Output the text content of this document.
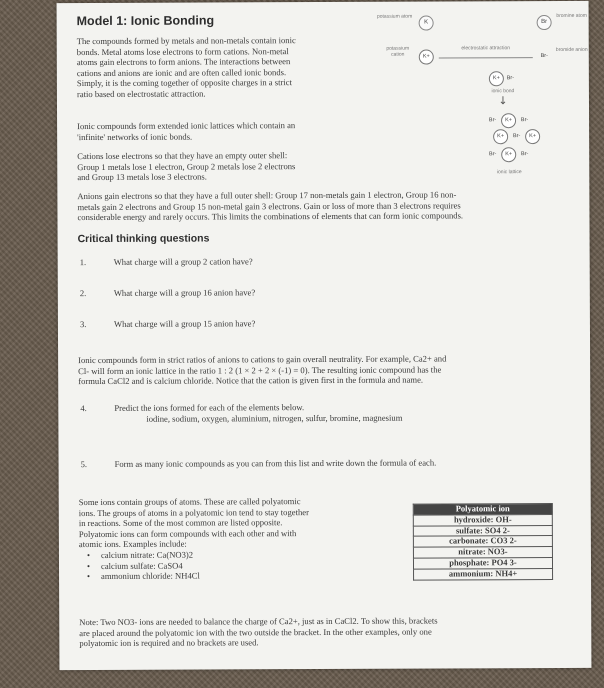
Model 1: Ionic Bonding

The compounds formed by metals and non-metals contain ionic

bonds. Metal atoms lose electrons to form cations. Non-metal

atoms gain electrons to form anions. The interactions between

cations and anions are ionic and are often called ionic bonds.

Simply, it is the coming together of opposite charges in a strict

ratio based on electrostatic attraction.

Ionic compounds form extended ionic lattices which contain an

'infinite' networks of ionic bonds.

Cations lose electrons so that they have an empty outer shell:

Group 1 metals lose 1 electron, Group 2 metals lose 2 electrons

and Group 13 metals lose 3 electrons.

potassium atom
K	Br
bromine atom
potassium cation	K+
electrostatic attraction
Br-
bromide anion
K+	Br-
ionic bond
↓
Br-	K+	Br-
K+	Br-	K+
Br-	K+	Br-
ionic lattice

Anions gain electrons so that they have a full outer shell: Group 17 non-metals gain 1 electron, Group 16 non-

metals gain 2 electrons and Group 15 non-metal gain 3 electrons. Gain or loss of more than 3 electrons requires

considerable energy and rarely occurs. This limits the combinations of elements that can form ionic compounds.

Critical thinking questions
1.	What charge will a group 2 cation have?
2.	What charge will a group 16 anion have?
3.	What charge will a group 15 anion have?

Ionic compounds form in strict ratios of anions to cations to gain overall neutrality. For example, Ca2+ and

Cl- will form an ionic lattice in the ratio 1 : 2 (1 × 2 + 2 × (-1) = 0). The resulting ionic compound has the

formula CaCl2 and is calcium chloride. Notice that the cation is given first in the formula and name.

4.	Predict the ions formed for each of the elements below.
iodine, sodium, oxygen, aluminium, nitrogen, sulfur, bromine, magnesium
5.	Form as many ionic compounds as you can from this list and write down the formula of each.

Some ions contain groups of atoms. These are called polyatomic

ions. The groups of atoms in a polyatomic ion tend to stay together

in reactions. Some of the most common are listed opposite.

Polyatomic ions can form compounds with each other and with

atomic ions. Examples include:

• calcium nitrate: Ca(NO3)2
• calcium sulfate: CaSO4
• ammonium chloride: NH4Cl
Polyatomic ion
hydroxide: OH-
sulfate: SO4 2-
carbonate: CO3 2-
nitrate: NO3-
phosphate: PO4 3-
ammonium: NH4+

Note: Two NO3- ions are needed to balance the charge of Ca2+, just as in CaCl2. To show this, brackets

are placed around the polyatomic ion with the two outside the bracket. In the other examples, only one

polyatomic ion is required and no brackets are used.
